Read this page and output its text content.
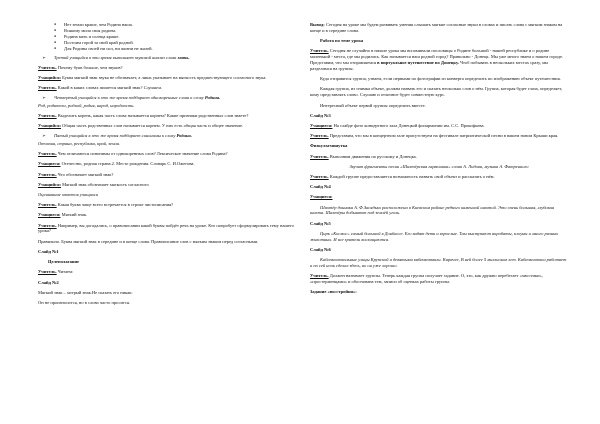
● Нет земли краше, чем Родина наша.
● Всякому мила своя родина.
● Родина мать и солнца краше.
● Постоим горой за свой край родной.
● Для Родины своей ни сил, ни жизни не жалей.

➢ Третий учащийся в это время выполняет звуковой анализ слова мать.

Учитель. Почему букв больше, чем звуков?

Учащийся: Буква мягкий знак звука не обозначает, а лишь указывает на мягкость предшествующего согласного звука.

Учитель. Какой в каких словах пишется мягкий знак? Слушаем.

➢ Четвертый учащийся в это же время подбирает однокоренные слова к слову Родина.

Род, родители, родной, родня, народ, народность.

Учитель. Выделить корень, какая часть слова называется корнем? Какие признаки родственных слов знаете?

Учащийся: Общая часть родственных слов называется корнем. У них есть общая часть и общее значение.

➢ Пятый учащийся в это же время подбирает синонимы к слову Родина.

Отчизна, страна, республика, край, земля.

Учитель. Чем отличаются синонимы от однокоренных слов? Лексическое значение слова Родина?

Учащиеся: Отечество, родная страна.2. Место рождения. Словарь С. И.Ожегова.

Учитель. Что обозначает мягкий знак?

Учащийся: Мягкий знак обозначает мягкость согласного

Оценивание ответов учащихся

Учитель. Какая буква чаще всего встречается в строке чистописания?

Учащиеся: Мягкий знак.

Учитель. Например, вы догадались, о правописании какой буквы пойдёт речь на уроке. Кто попробует сформулировать тему нашего урока?

Правильно. Буква мягкий знак в середине и в конце слова. Правописание слов с мягким знаком перед согласными.

Слайд №1

Целеполагание

Учитель. Читаем:

Слайд №2

Мягкий знак – хитрый знак.Не сказать его никак:

Он не произносится, но в слово часто просится.

Вывод: Сегодня на уроке мы будем развивать умения слышать мягкие согласные звуки в словах и писать слова с мягким знаком на конце и в середине слова.

Работа по теме урока

Учитель. Сегодня не случайно в начале урока мы вспоминали пословицы о Родине большой - нашей республике и о родине маленькой - места, где мы родились. Как называется наш родной город? Правильно - Донецк. Мы уже много знаем о нашем городе. Представим, что мы отправляемся в виртуальное путешествие по Донецку. Чтоб побывать в нескольких местах сразу, мы разделимся на группы.

Куда отправится группа, узнаем, если первыми по фотографии из конверта определить по изображению объект путешествия.

Каждая группа, из снимка объект, должна назвать его и сказать несколько слов о нём. Группа, которая будет глаза, определяет, кому представлять слово. Слушаю и отличное будет совместную курс.

Интересный объект первой группы определить вместе.

Слайд №3

Учащиеся: На слайде фото концертного зала Донецкой филармонии им. С.С. Прокофьева.

Учитель. Представим, что мы в концертном зале присутствуем на фестивале патриотической песни в вашем новом Крыши края.

Физкультминутка

Учитель. Выполним движения по русскому и Донецка.

Звучит фрагменты песни «Шахтёрская гармоника» слова А. Лидова, музыка А. Фатрениого

Учитель. Каждой группе предоставляется возможность назвать свой объект и рассказать о нём.

Слайд №4

Учащиеся:

Шахтёр донника А. Ф.Засядько расположена в Киевском районе редкого каменной шахтой. Это очень большая, глубокая шахта. Шахтёры добывают под землёй уголь.

Слайд №5

Цирк «Космос» самый большой в Донбассе. Его видят дети и взрослые. Там выступают акробаты, клоуны и много разных животных. И все зрители восхищаются.

Слайд №6

Кабачкоотвальные улицы Крупской и девятыми кабачкотвали. Карачее, В ней более 5 миллионов лет. Кабачкоотвал работает и по сей ночь сделал здесь, но он уже хорошо.

Учитель. Должен назначает группы. Теперь каждая группа получает задание. О, это, как дружно перебегает «хвостики», «простерженцами» и обоснована тем, записи об оценках работы группы.

Задание «восстройня»:
